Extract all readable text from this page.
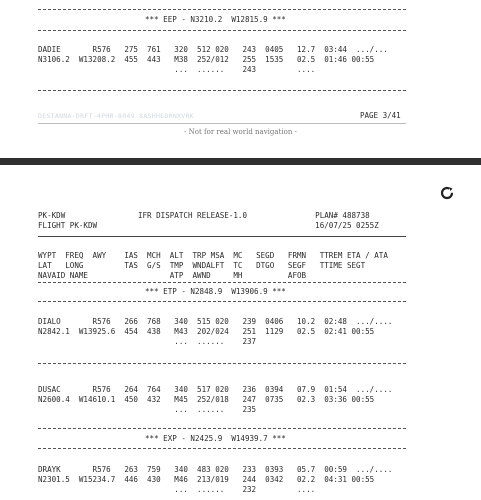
*** EEP - N3210.2  W12815.9 ***
DADIE       R576   275  761   320  512 020   243  0405   12.7  03:44  .../...
N3106.2  W13208.2  455  443   M38  252/012   255  1535   02.5  01:46 00:55
...  ......    243         ....
DESTANNA-DRFT-4PHR-8049 8ASHHEDRNXVRK	PAGE 3/41
- Not for real world navigation -
PK-KDW                IFR DISPATCH RELEASE-1.0               PLAN# 488738
FLIGHT PK-KDW                                                16/07/25 0255Z
WYPT  FREQ  AWY    IAS  MCH  ALT  TRP MSA  MC   SEGD   FRMN   TTREM ETA / ATA
LAT   LONG         TAS  G/S  TMP  WNDALFT  TC   DTGO   SEGF   TTIME SEGT
NAVAID NAME                  ATP  AWND     MH          AFOB
*** ETP - N2848.9  W13906.9 ***
DIALO       R576   266  768   340  515 020   239  0406   10.2  02:48  .../....
N2842.1  W13925.6  454  438   M43  202/024   251  1129   02.5  02:41 00:55
...  ......    237
DUSAC       R576   264  764   340  517 020   236  0394   07.9  01:54  .../....
N2600.4  W14610.1  450  432   M45  252/018   247  0735   02.3  03:36 00:55
...  ......    235
*** EXP - N2425.9  W14939.7 ***
DRAYK       R576   263  759   340  483 020   233  0393   05.7  00:59  .../....
N2301.5  W15234.7  446  430   M46  213/019   244  0342   02.2  04:31 00:55
...  ......    232         ....
